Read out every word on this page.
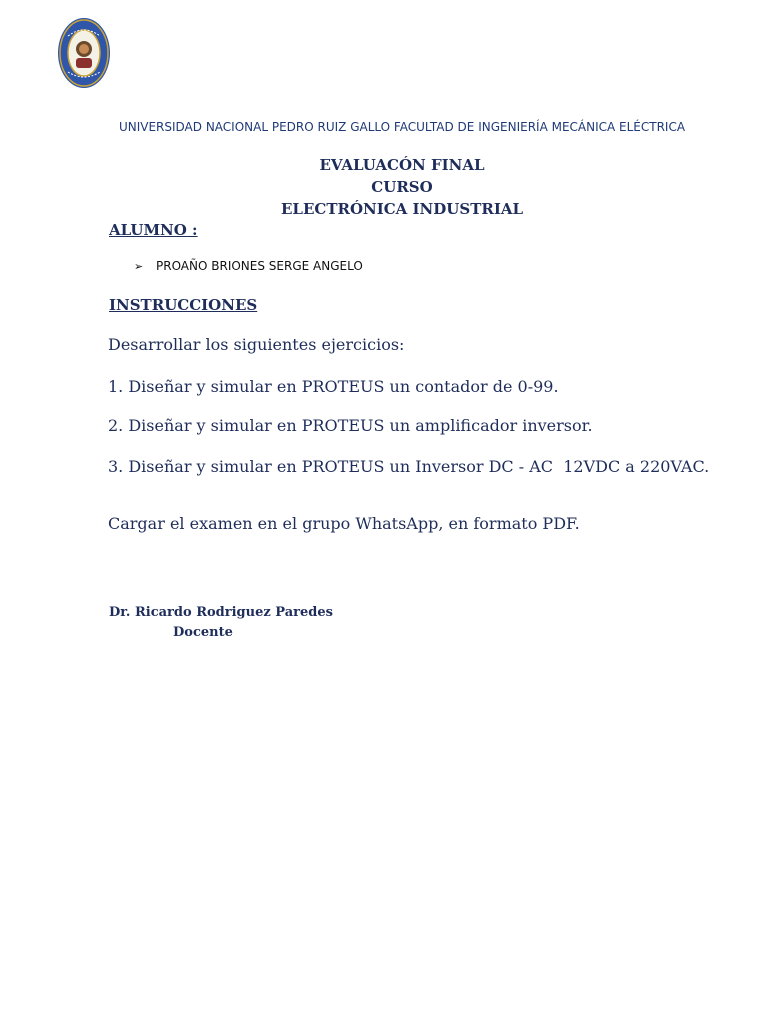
UNIVERSIDAD NACIONAL PEDRO RUIZ GALLO FACULTAD DE INGENIERÍA MECÁNICA ELÉCTRICA
EVALUACÓN FINAL
CURSO
ELECTRÓNICA INDUSTRIAL
ALUMNO :
➢ PROAÑO BRIONES SERGE ANGELO
INSTRUCCIONES
Desarrollar los siguientes ejercicios:
1. Diseñar y simular en PROTEUS un contador de 0-99.
2. Diseñar y simular en PROTEUS un amplificador inversor.
3. Diseñar y simular en PROTEUS un Inversor DC - AC  12VDC a 220VAC.
Cargar el examen en el grupo WhatsApp, en formato PDF.
Dr. Ricardo Rodriguez Paredes
Docente
